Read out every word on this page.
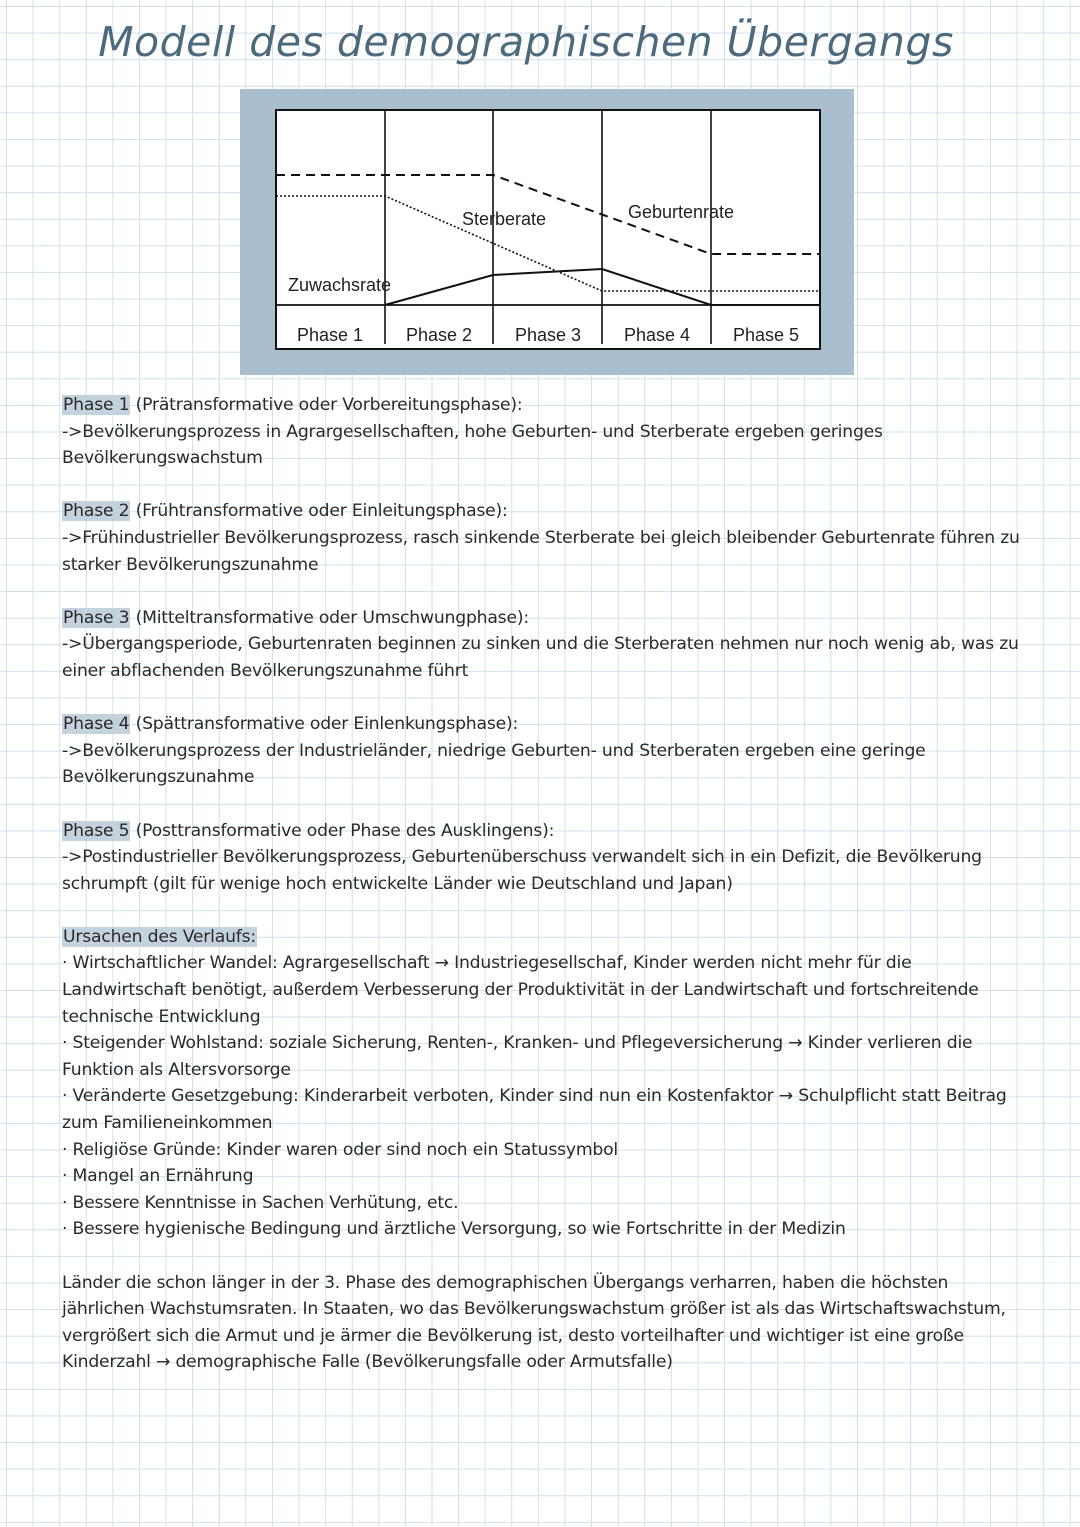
Modell des demographischen Übergangs
Sterberate	Geburtenrate
Zuwachsrate
Phase 1 Phase 2 Phase 3 Phase 4 Phase 5
Phase 1 (Prätransformative oder Vorbereitungsphase):
->Bevölkerungsprozess in Agrargesellschaften, hohe Geburten- und Sterberate ergeben geringes Bevölkerungswachstum
Phase 2 (Frühtransformative oder Einleitungsphase):
->Frühindustrieller Bevölkerungsprozess, rasch sinkende Sterberate bei gleich bleibender Geburtenrate führen zu starker Bevölkerungszunahme
Phase 3 (Mitteltransformative oder Umschwungphase):
->Übergangsperiode, Geburtenraten beginnen zu sinken und die Sterberaten nehmen nur noch wenig ab, was zu einer abflachenden Bevölkerungszunahme führt
Phase 4 (Spättransformative oder Einlenkungsphase):
->Bevölkerungsprozess der Industrieländer, niedrige Geburten- und Sterberaten ergeben eine geringe Bevölkerungszunahme
Phase 5 (Posttransformative oder Phase des Ausklingens):
->Postindustrieller Bevölkerungsprozess, Geburtenüberschuss verwandelt sich in ein Defizit, die Bevölkerung schrumpft (gilt für wenige hoch entwickelte Länder wie Deutschland und Japan)
Ursachen des Verlaufs:
· Wirtschaftlicher Wandel: Agrargesellschaft → Industriegesellschaf, Kinder werden nicht mehr für die Landwirtschaft benötigt, außerdem Verbesserung der Produktivität in der Landwirtschaft und fortschreitende technische Entwicklung
· Steigender Wohlstand: soziale Sicherung, Renten-, Kranken- und Pflegeversicherung → Kinder verlieren die Funktion als Altersvorsorge
· Veränderte Gesetzgebung: Kinderarbeit verboten, Kinder sind nun ein Kostenfaktor → Schulpflicht statt Beitrag zum Familieneinkommen
· Religiöse Gründe: Kinder waren oder sind noch ein Statussymbol
· Mangel an Ernährung
· Bessere Kenntnisse in Sachen Verhütung, etc.
· Bessere hygienische Bedingung und ärztliche Versorgung, so wie Fortschritte in der Medizin
Länder die schon länger in der 3. Phase des demographischen Übergangs verharren, haben die höchsten jährlichen Wachstumsraten. In Staaten, wo das Bevölkerungswachstum größer ist als das Wirtschaftswachstum, vergrößert sich die Armut und je ärmer die Bevölkerung ist, desto vorteilhafter und wichtiger ist eine große Kinderzahl → demographische Falle (Bevölkerungsfalle oder Armutsfalle)
